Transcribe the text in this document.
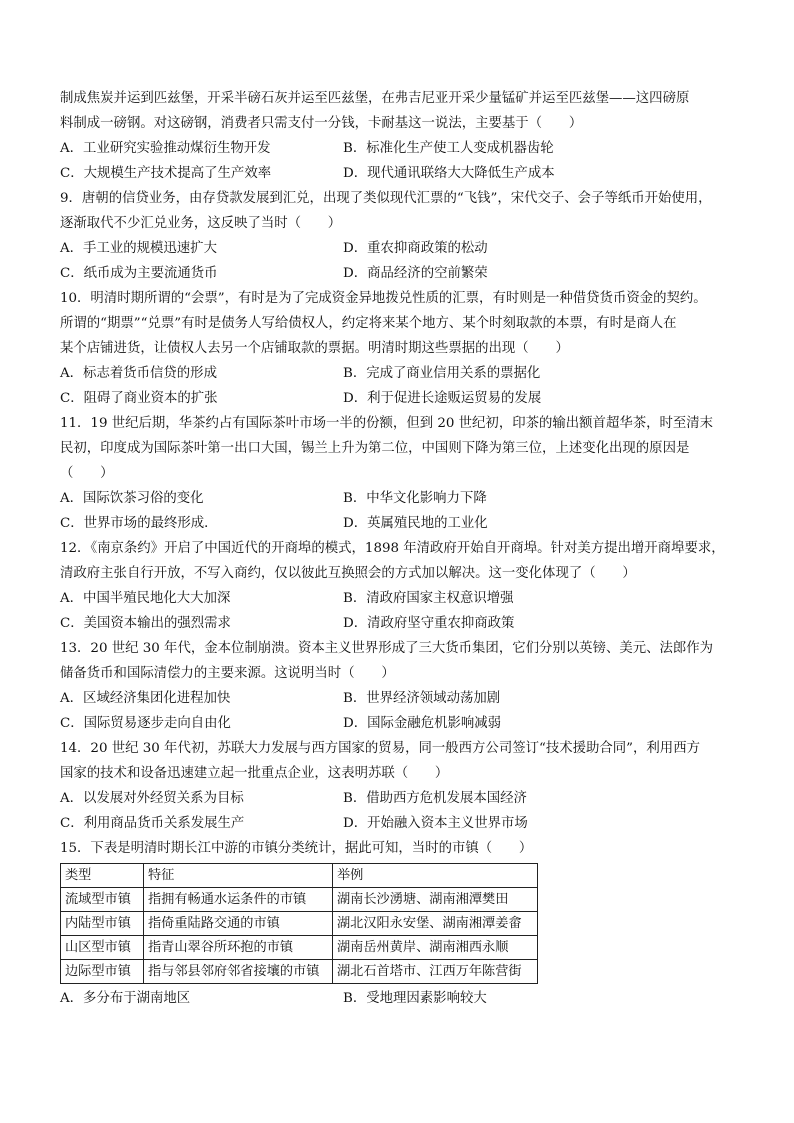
制成焦炭并运到匹兹堡，开采半磅石灰并运至匹兹堡，在弗吉尼亚开采少量锰矿并运至匹兹堡——这四磅原
料制成一磅钢。对这磅钢，消费者只需支付一分钱，卡耐基这一说法，主要基于（　　）
A．工业研究实验推动煤衍生物开发	B．标准化生产使工人变成机器齿轮
C．大规模生产技术提高了生产效率	D．现代通讯联络大大降低生产成本
9．唐朝的信贷业务，由存贷款发展到汇兑，出现了类似现代汇票的“飞钱”，宋代交子、会子等纸币开始使用，
逐渐取代不少汇兑业务，这反映了当时（　　）
A．手工业的规模迅速扩大	D．重农抑商政策的松动
C．纸币成为主要流通货币	D．商品经济的空前繁荣
10．明清时期所谓的“会票”，有时是为了完成资金异地拨兑性质的汇票，有时则是一种借贷货币资金的契约。
所谓的“期票”“兑票”有时是债务人写给债权人，约定将来某个地方、某个时刻取款的本票，有时是商人在
某个店铺进货，让债权人去另一个店铺取款的票据。明清时期这些票据的出现（　　）
A．标志着货币信贷的形成	B．完成了商业信用关系的票据化
C．阻碍了商业资本的扩张	D．利于促进长途贩运贸易的发展
11．19 世纪后期，华茶约占有国际茶叶市场一半的份额，但到 20 世纪初，印茶的输出额首超华茶，时至清末
民初，印度成为国际茶叶第一出口大国，锡兰上升为第二位，中国则下降为第三位，上述变化出现的原因是
（　　）
A．国际饮茶习俗的变化	B．中华文化影响力下降
C．世界市场的最终形成．	D．英属殖民地的工业化
12．《南京条约》开启了中国近代的开商埠的模式，1898 年清政府开始自开商埠。针对美方提出增开商埠要求，
清政府主张自行开放，不写入商约，仅以彼此互换照会的方式加以解决。这一变化体现了（　　）
A．中国半殖民地化大大加深	B．清政府国家主权意识增强
C．美国资本输出的强烈需求	D．清政府坚守重农抑商政策
13．20 世纪 30 年代，金本位制崩溃。资本主义世界形成了三大货币集团，它们分别以英镑、美元、法郎作为
储备货币和国际清偿力的主要来源。这说明当时（　　）
A．区域经济集团化进程加快	B．世界经济领域动荡加剧
C．国际贸易逐步走向自由化	D．国际金融危机影响减弱
14．20 世纪 30 年代初，苏联大力发展与西方国家的贸易，同一般西方公司签订“技术援助合同”，利用西方
国家的技术和设备迅速建立起一批重点企业，这表明苏联（　　）
A．以发展对外经贸关系为目标	B．借助西方危机发展本国经济
C．利用商品货币关系发展生产	D．开始融入资本主义世界市场
15．下表是明清时期长江中游的市镇分类统计，据此可知，当时的市镇（　　）
类型	特征	举例
流域型市镇	指拥有畅通水运条件的市镇	湖南长沙湧塘、湖南湘潭樊田
内陆型市镇	指倚重陆路交通的市镇	湖北汉阳永安堡、湖南湘潭姜畲
山区型市镇	指青山翠谷所环抱的市镇	湖南岳州黄岸、湖南湘西永顺
边际型市镇	指与邻县邻府邻省接壤的市镇	湖北石首塔市、江西万年陈营街
A．多分布于湖南地区	B．受地理因素影响较大
